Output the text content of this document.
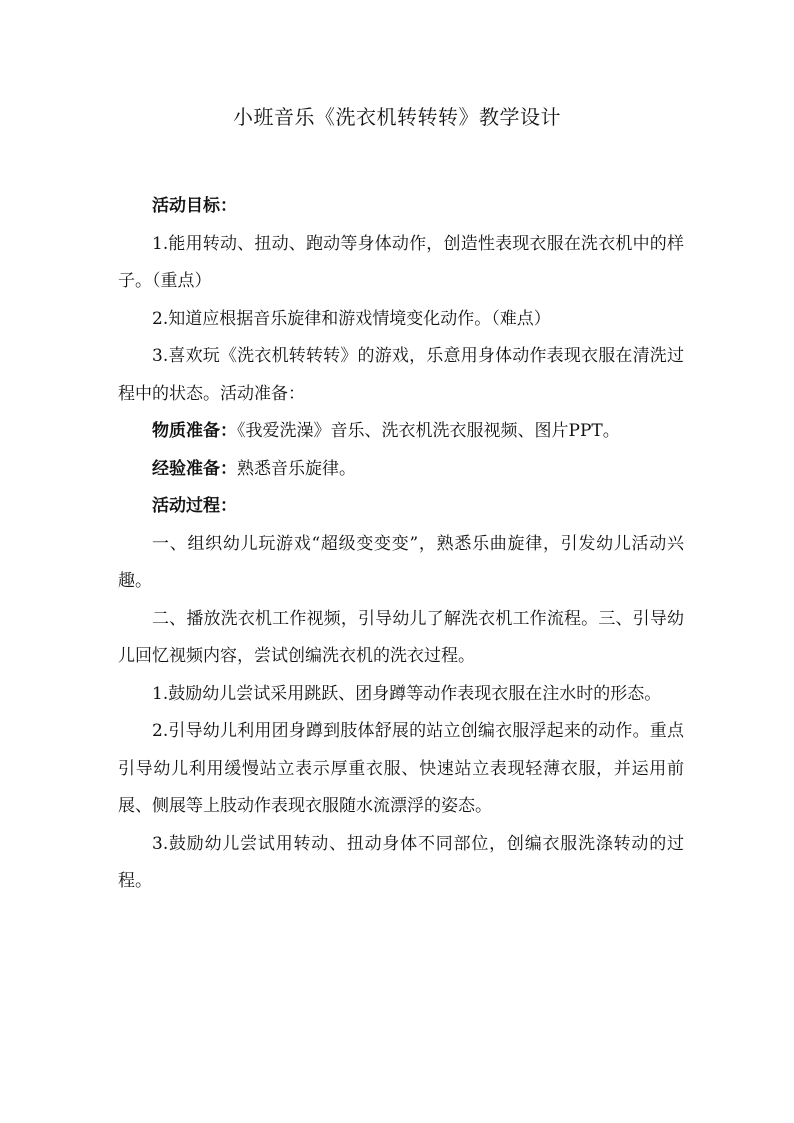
小班音乐《洗衣机转转转》教学设计

活动目标：

1.能用转动、扭动、跑动等身体动作，创造性表现衣服在洗衣机中的样子。（重点）

2.知道应根据音乐旋律和游戏情境变化动作。（难点）

3.喜欢玩《洗衣机转转转》的游戏，乐意用身体动作表现衣服在清洗过程中的状态。活动准备：

物质准备：《我爱洗澡》音乐、洗衣机洗衣服视频、图片PPT。

经验准备：熟悉音乐旋律。

活动过程：

一、组织幼儿玩游戏“超级变变变”，熟悉乐曲旋律，引发幼儿活动兴趣。

二、播放洗衣机工作视频，引导幼儿了解洗衣机工作流程。三、引导幼儿回忆视频内容，尝试创编洗衣机的洗衣过程。

1.鼓励幼儿尝试采用跳跃、团身蹲等动作表现衣服在注水时的形态。

2.引导幼儿利用团身蹲到肢体舒展的站立创编衣服浮起来的动作。重点引导幼儿利用缓慢站立表示厚重衣服、快速站立表现轻薄衣服，并运用前展、侧展等上肢动作表现衣服随水流漂浮的姿态。

3.鼓励幼儿尝试用转动、扭动身体不同部位，创编衣服洗涤转动的过程。
